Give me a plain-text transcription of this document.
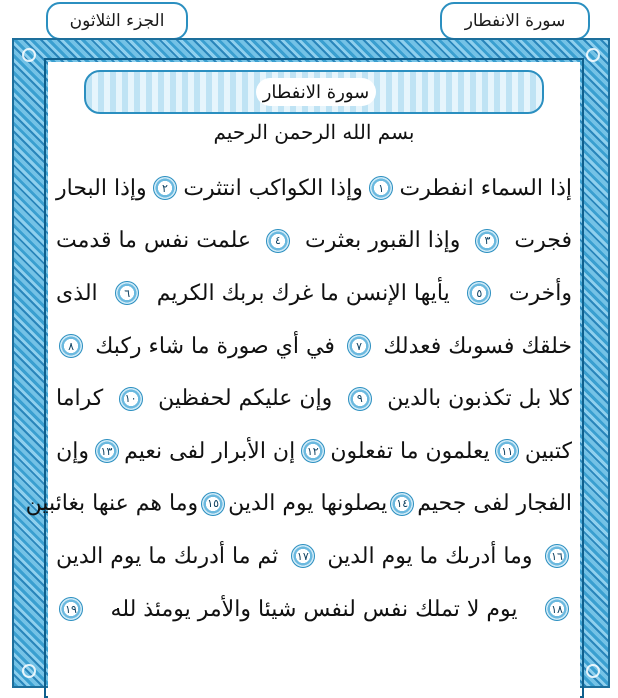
الجزء الثلاثون	سورة الانفطار
سورة الانفطار
بسم الله الرحمن الرحيم
إذا السماء انفطرت
١
وإذا الكواكب انتثرت
٢
وإذا البحار
فجرت
٣
وإذا القبور بعثرت
٤
علمت نفس ما قدمت
وأخرت
٥
يأيها الإنسن ما غرك بربك الكريم
٦
الذى
خلقك فسوىك فعدلك
٧
في أي صورة ما شاء ركبك
٨
كلا بل تكذبون بالدين
٩
وإن عليكم لحفظين
١٠
كراما
كتبين
١١
يعلمون ما تفعلون
١٢
إن الأبرار لفى نعيم
١٣
وإن
الفجار لفى جحيم
١٤
يصلونها يوم الدين
١٥
وما هم عنها بغائبين
١٦
وما أدرىك ما يوم الدين
١٧
ثم ما أدرىك ما يوم الدين
١٨
يوم لا تملك نفس لنفس شيئا والأمر يومئذ لله
١٩
